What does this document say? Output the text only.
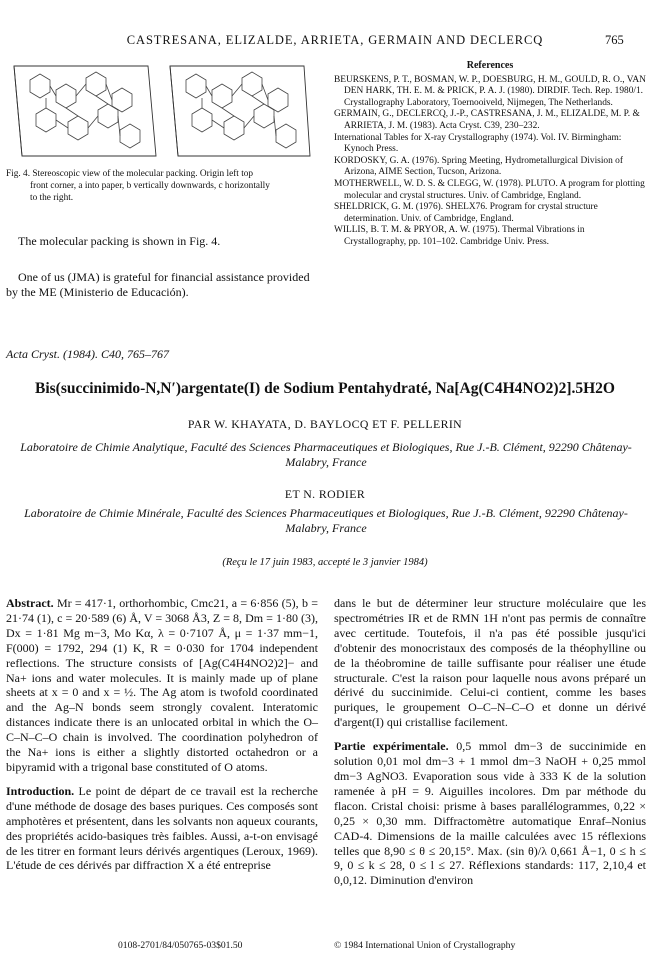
CASTRESANA, ELIZALDE, ARRIETA, GERMAIN AND DECLERCQ	765

Fig. 4. Stereoscopic view of the molecular packing. Origin left top

front corner, a into paper, b vertically downwards, c horizontally

to the right.

The molecular packing is shown in Fig. 4.
One of us (JMA) is grateful for financial assistance provided by the ME (Ministerio de Educación).
References

BEURSKENS, P. T., BOSMAN, W. P., DOESBURG, H. M., GOULD, R. O., VAN DEN HARK, TH. E. M. & PRICK, P. A. J. (1980). DIRDIF. Tech. Rep. 1980/1. Crystallography Laboratory, Toernooiveld, Nijmegen, The Netherlands.

GERMAIN, G., DECLERCQ, J.-P., CASTRESANA, J. M., ELIZALDE, M. P. & ARRIETA, J. M. (1983). Acta Cryst. C39, 230–232.

International Tables for X-ray Crystallography (1974). Vol. IV. Birmingham: Kynoch Press.

KORDOSKY, G. A. (1976). Spring Meeting, Hydrometallurgical Division of Arizona, AIME Section, Tucson, Arizona.

MOTHERWELL, W. D. S. & CLEGG, W. (1978). PLUTO. A program for plotting molecular and crystal structures. Univ. of Cambridge, England.

SHELDRICK, G. M. (1976). SHELX76. Program for crystal structure determination. Univ. of Cambridge, England.

WILLIS, B. T. M. & PRYOR, A. W. (1975). Thermal Vibrations in Crystallography, pp. 101–102. Cambridge Univ. Press.

Acta Cryst. (1984). C40, 765–767
Bis(succinimido-N,N′)argentate(I) de Sodium Pentahydraté, Na[Ag(C4H4NO2)2].5H2O
PAR W. KHAYATA, D. BAYLOCQ ET F. PELLERIN
Laboratoire de Chimie Analytique, Faculté des Sciences Pharmaceutiques et Biologiques, Rue J.-B. Clément, 92290 Châtenay-Malabry, France
ET N. RODIER
Laboratoire de Chimie Minérale, Faculté des Sciences Pharmaceutiques et Biologiques, Rue J.-B. Clément, 92290 Châtenay-Malabry, France
(Reçu le 17 juin 1983, accepté le 3 janvier 1984)

Abstract. Mr = 417·1, orthorhombic, Cmc21, a = 6·856 (5), b = 21·74 (1), c = 20·589 (6) Å, V = 3068 Å3, Z = 8, Dm = 1·80 (3), Dx = 1·81 Mg m−3, Mo Kα, λ = 0·7107 Å, μ = 1·37 mm−1, F(000) = 1792, 294 (1) K, R = 0·030 for 1704 independent reflections. The structure consists of [Ag(C4H4NO2)2]− and Na+ ions and water molecules. It is mainly made up of plane sheets at x = 0 and x = ½. The Ag atom is twofold coordinated and the Ag–N bonds seem strongly covalent. Interatomic distances indicate there is an unlocated orbital in which the O–C–N–C–O chain is involved. The coordination polyhedron of the Na+ ions is either a slightly distorted octahedron or a bipyramid with a trigonal base constituted of O atoms.

Introduction. Le point de départ de ce travail est la recherche d'une méthode de dosage des bases puriques. Ces composés sont amphotères et présentent, dans les solvants non aqueux courants, des propriétés acido-basiques très faibles. Aussi, a-t-on envisagé de les titrer en formant leurs dérivés argentiques (Leroux, 1969). L'étude de ces dérivés par diffraction X a été entreprise

dans le but de déterminer leur structure moléculaire que les spectrométries IR et de RMN 1H n'ont pas permis de connaître avec certitude. Toutefois, il n'a pas été possible jusqu'ici d'obtenir des monocristaux des composés de la théophylline ou de la théobromine de taille suffisante pour réaliser une étude structurale. C'est la raison pour laquelle nous avons préparé un dérivé du succinimide. Celui-ci contient, comme les bases puriques, le groupement O–C–N–C–O et donne un dérivé d'argent(I) qui cristallise facilement.

Partie expérimentale. 0,5 mmol dm−3 de succinimide en solution 0,01 mol dm−3 + 1 mmol dm−3 NaOH + 0,25 mmol dm−3 AgNO3. Evaporation sous vide à 333 K de la solution ramenée à pH = 9. Aiguilles incolores. Dm par méthode du flacon. Cristal choisi: prisme à bases parallélogrammes, 0,22 × 0,25 × 0,30 mm. Diffractomètre automatique Enraf–Nonius CAD-4. Dimensions de la maille calculées avec 15 réflexions telles que 8,90 ≤ θ ≤ 20,15°. Max. (sin θ)/λ 0,661 Å−1, 0 ≤ h ≤ 9, 0 ≤ k ≤ 28, 0 ≤ l ≤ 27. Réflexions standards: 117, 2,10,4 et 0,0,12. Diminution d'environ

0108-2701/84/050765-03$01.50	© 1984 International Union of Crystallography
